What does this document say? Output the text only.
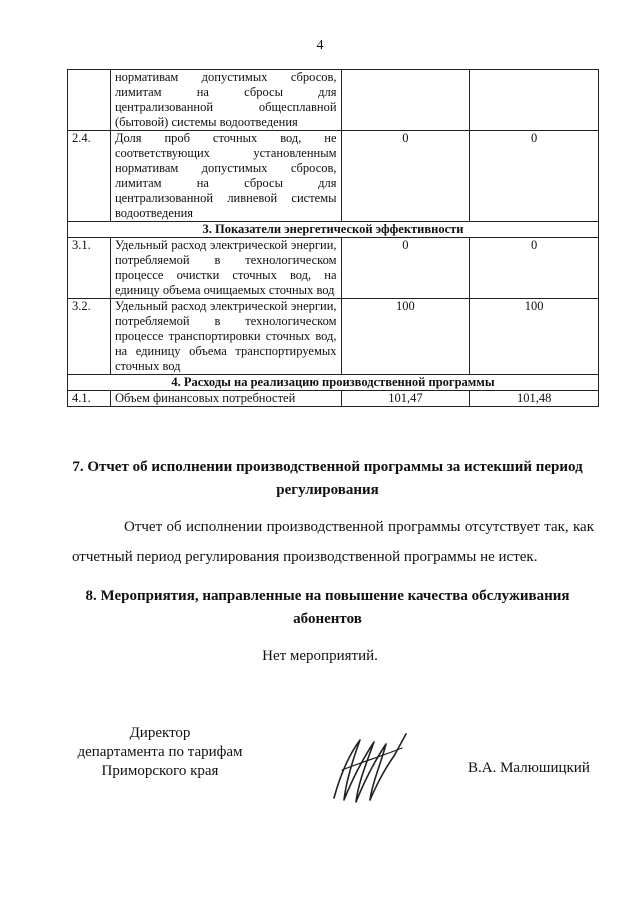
4
	нормативам допустимых сбросов, лимитам на сбросы для централизованной общесплавной (бытовой) системы водоотведения		
2.4.	Доля проб сточных вод, не соответствующих установленным нормативам допустимых сбросов, лимитам на сбросы для централизованной ливневой системы водоотведения	0	0
3. Показатели энергетической эффективности			
3.1.	Удельный расход электрической энергии, потребляемой в технологическом процессе очистки сточных вод, на единицу объема очищаемых сточных вод	0	0
3.2.	Удельный расход электрической энергии, потребляемой в технологическом процессе транспортировки сточных вод, на единицу объема транспортируемых сточных вод	100	100
4. Расходы на реализацию производственной программы			
4.1.	Объем финансовых потребностей	101,47	101,48
7. Отчет об исполнении производственной программы за истекший период регулирования
Отчет об исполнении производственной программы отсутствует так, как отчетный период регулирования производственной программы не истек.
8. Мероприятия, направленные на повышение качества обслуживания абонентов
Нет мероприятий.
Директор
департамента по тарифам
Приморского края	В.А. Малюшицкий
